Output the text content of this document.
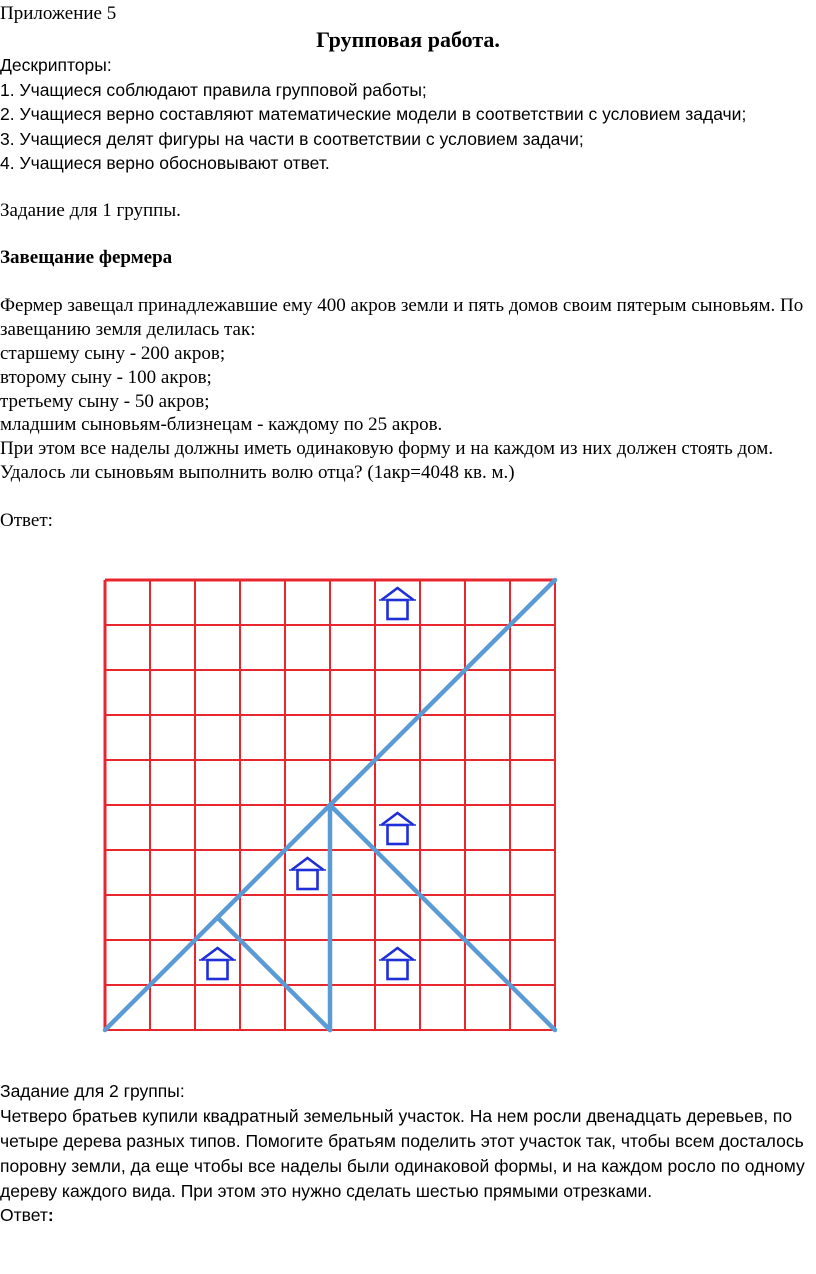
Приложение 5
Групповая работа.
Дескрипторы:
1. Учащиеся соблюдают правила групповой работы;
2. Учащиеся верно составляют математические модели в соответствии с условием задачи;
3. Учащиеся делят фигуры на части в соответствии с условием задачи;
4. Учащиеся верно обосновывают ответ.
Задание для 1 группы.
Завещание фермера
Фермер завещал принадлежавшие ему 400 акров земли и пять домов своим пятерым сыновьям. По
завещанию земля делилась так:
старшему сыну - 200 акров;
второму сыну - 100 акров;
третьему сыну - 50 акров;
младшим сыновьям-близнецам - каждому по 25 акров.
При этом все наделы должны иметь одинаковую форму и на каждом из них должен стоять дом.
Удалось ли сыновьям выполнить волю отца? (1акр=4048 кв. м.)
Ответ:
Задание для 2 группы:
Четверо братьев купили квадратный земельный участок. На нем росли двенадцать деревьев, по
четыре дерева разных типов. Помогите братьям поделить этот участок так, чтобы всем досталось
поровну земли, да еще чтобы все наделы были одинаковой формы, и на каждом росло по одному
дереву каждого вида. При этом это нужно сделать шестью прямыми отрезками.
Ответ:
